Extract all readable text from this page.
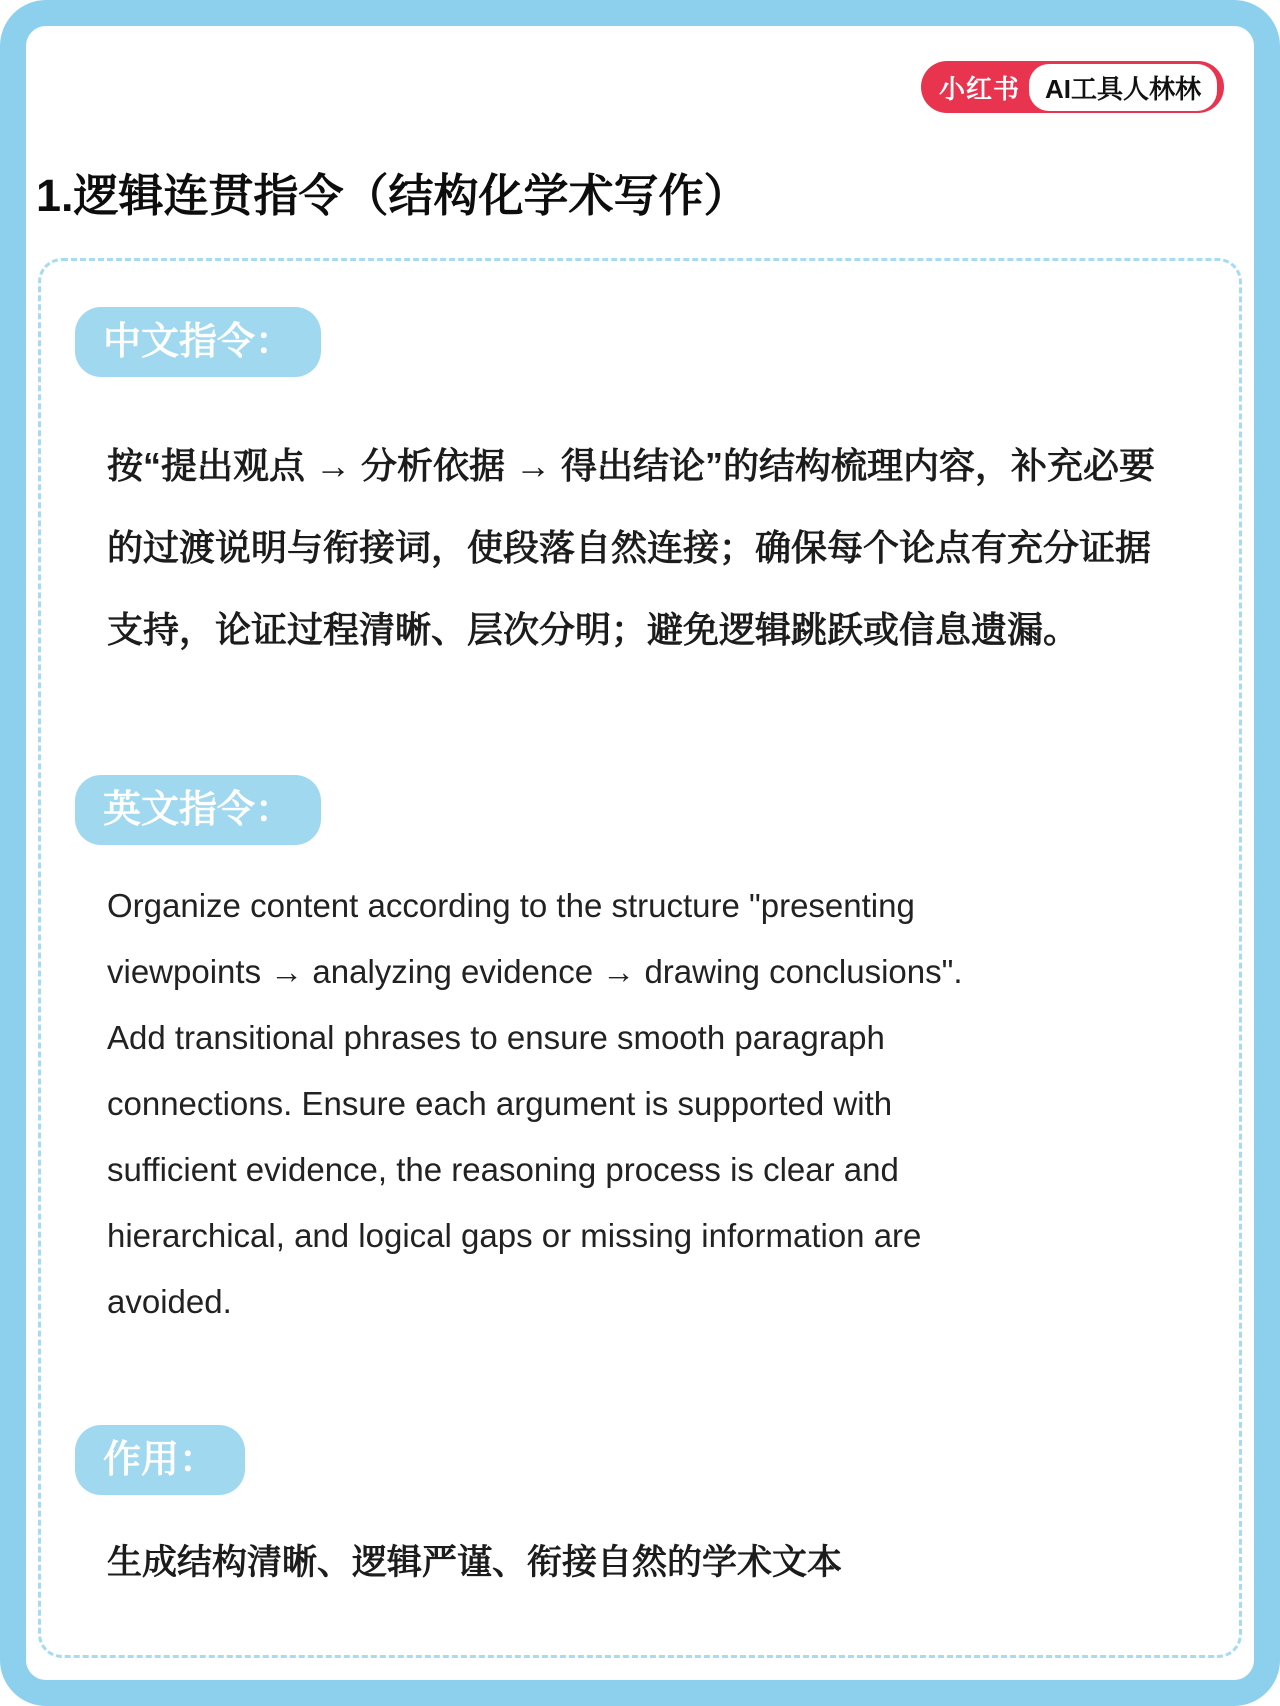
小红书 AI工具人林林
1.逻辑连贯指令（结构化学术写作）
中文指令：
按“提出观点 → 分析依据 → 得出结论”的结构梳理内容，补充必要
的过渡说明与衔接词，使段落自然连接；确保每个论点有充分证据
支持，论证过程清晰、层次分明；避免逻辑跳跃或信息遗漏。
英文指令：
Organize content according to the structure "presenting
viewpoints → analyzing evidence → drawing conclusions".
Add transitional phrases to ensure smooth paragraph
connections. Ensure each argument is supported with
sufficient evidence, the reasoning process is clear and
hierarchical, and logical gaps or missing information are
avoided.
作用：
生成结构清晰、逻辑严谨、衔接自然的学术文本
